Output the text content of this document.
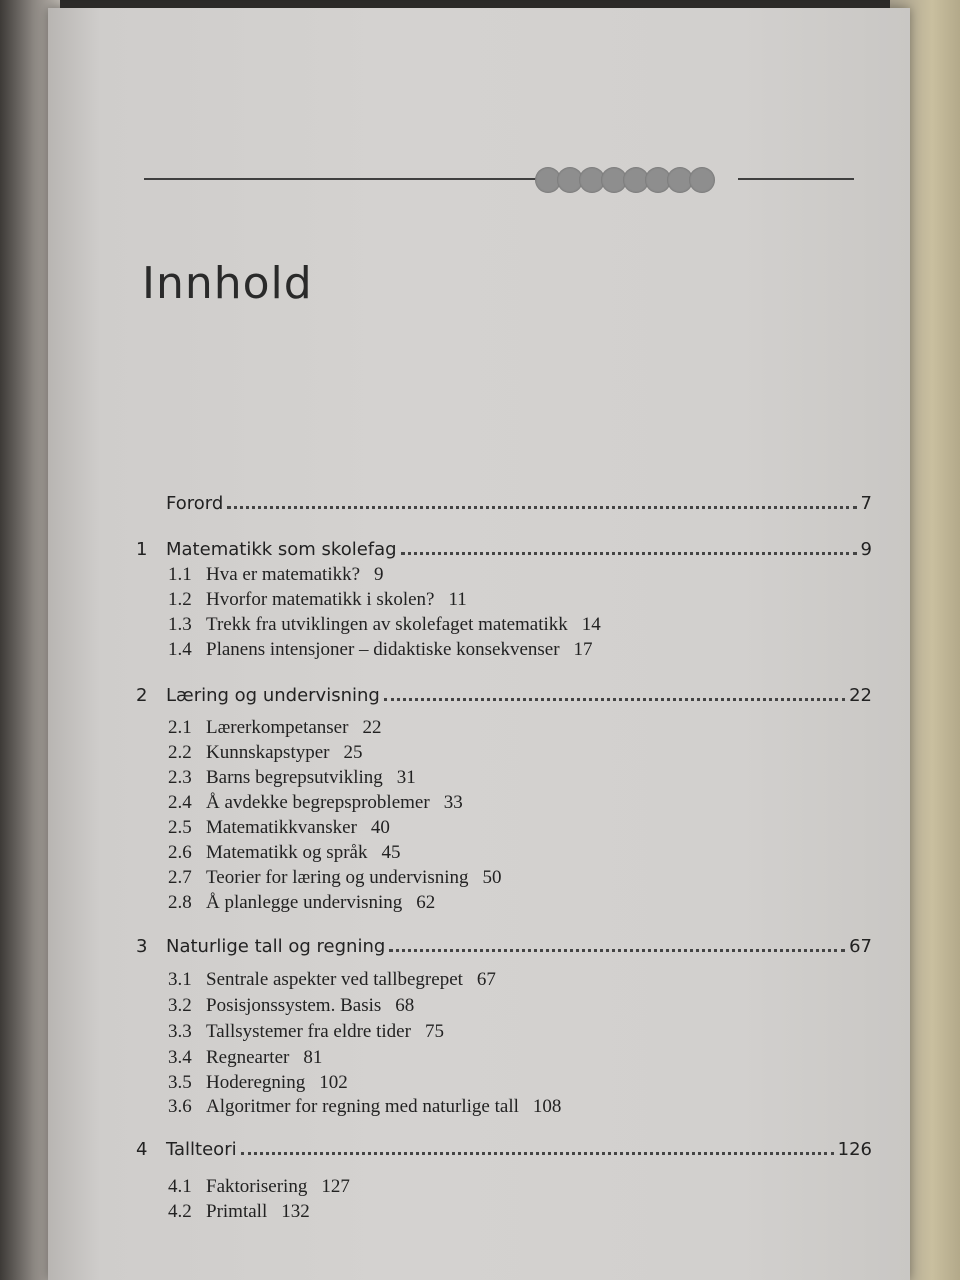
Innhold
Forord	7
1	Matematikk som skolefag	9
1.1 Hva er matematikk? 9
1.2 Hvorfor matematikk i skolen? 11
1.3 Trekk fra utviklingen av skolefaget matematikk 14
1.4 Planens intensjoner – didaktiske konsekvenser 17
2	Læring og undervisning	22
2.1 Lærerkompetanser 22
2.2 Kunnskapstyper 25
2.3 Barns begrepsutvikling 31
2.4 Å avdekke begrepsproblemer 33
2.5 Matematikkvansker 40
2.6 Matematikk og språk 45
2.7 Teorier for læring og undervisning 50
2.8 Å planlegge undervisning 62
3	Naturlige tall og regning	67
3.1 Sentrale aspekter ved tallbegrepet 67
3.2 Posisjonssystem. Basis 68
3.3 Tallsystemer fra eldre tider 75
3.4 Regnearter 81
3.5 Hoderegning 102
3.6 Algoritmer for regning med naturlige tall 108
4	Tallteori	126
4.1 Faktorisering 127
4.2 Primtall 132
